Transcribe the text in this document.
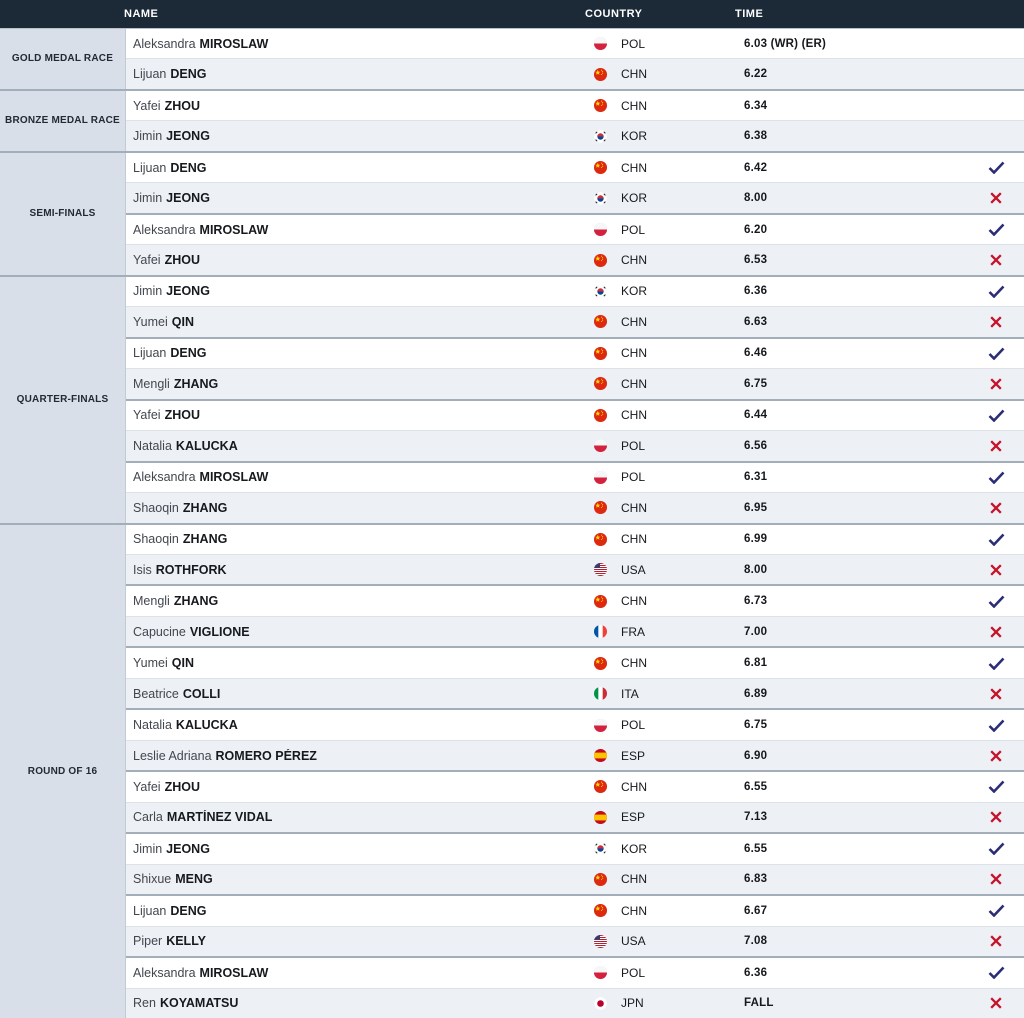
NAME	COUNTRY	TIME
GOLD MEDAL RACE
Aleksandra MIROSLAW	POL	6.03 (WR) (ER)
Lijuan DENG	CHN	6.22
BRONZE MEDAL RACE
Yafei ZHOU	CHN	6.34
Jimin JEONG	KOR	6.38
SEMI-FINALS
Lijuan DENG	CHN	6.42
Jimin JEONG	KOR	8.00
Aleksandra MIROSLAW	POL	6.20
Yafei ZHOU	CHN	6.53
QUARTER-FINALS
Jimin JEONG	KOR	6.36
Yumei QIN	CHN	6.63
Lijuan DENG	CHN	6.46
Mengli ZHANG	CHN	6.75
Yafei ZHOU	CHN	6.44
Natalia KALUCKA	POL	6.56
Aleksandra MIROSLAW	POL	6.31
Shaoqin ZHANG	CHN	6.95
ROUND OF 16
Shaoqin ZHANG	CHN	6.99
Isis ROTHFORK	USA	8.00
Mengli ZHANG	CHN	6.73
Capucine VIGLIONE	FRA	7.00
Yumei QIN	CHN	6.81
Beatrice COLLI	ITA	6.89
Natalia KALUCKA	POL	6.75
Leslie Adriana ROMERO PÉREZ	ESP	6.90
Yafei ZHOU	CHN	6.55
Carla MARTÍNEZ VIDAL	ESP	7.13
Jimin JEONG	KOR	6.55
Shixue MENG	CHN	6.83
Lijuan DENG	CHN	6.67
Piper KELLY	USA	7.08
Aleksandra MIROSLAW	POL	6.36
Ren KOYAMATSU	JPN	FALL
